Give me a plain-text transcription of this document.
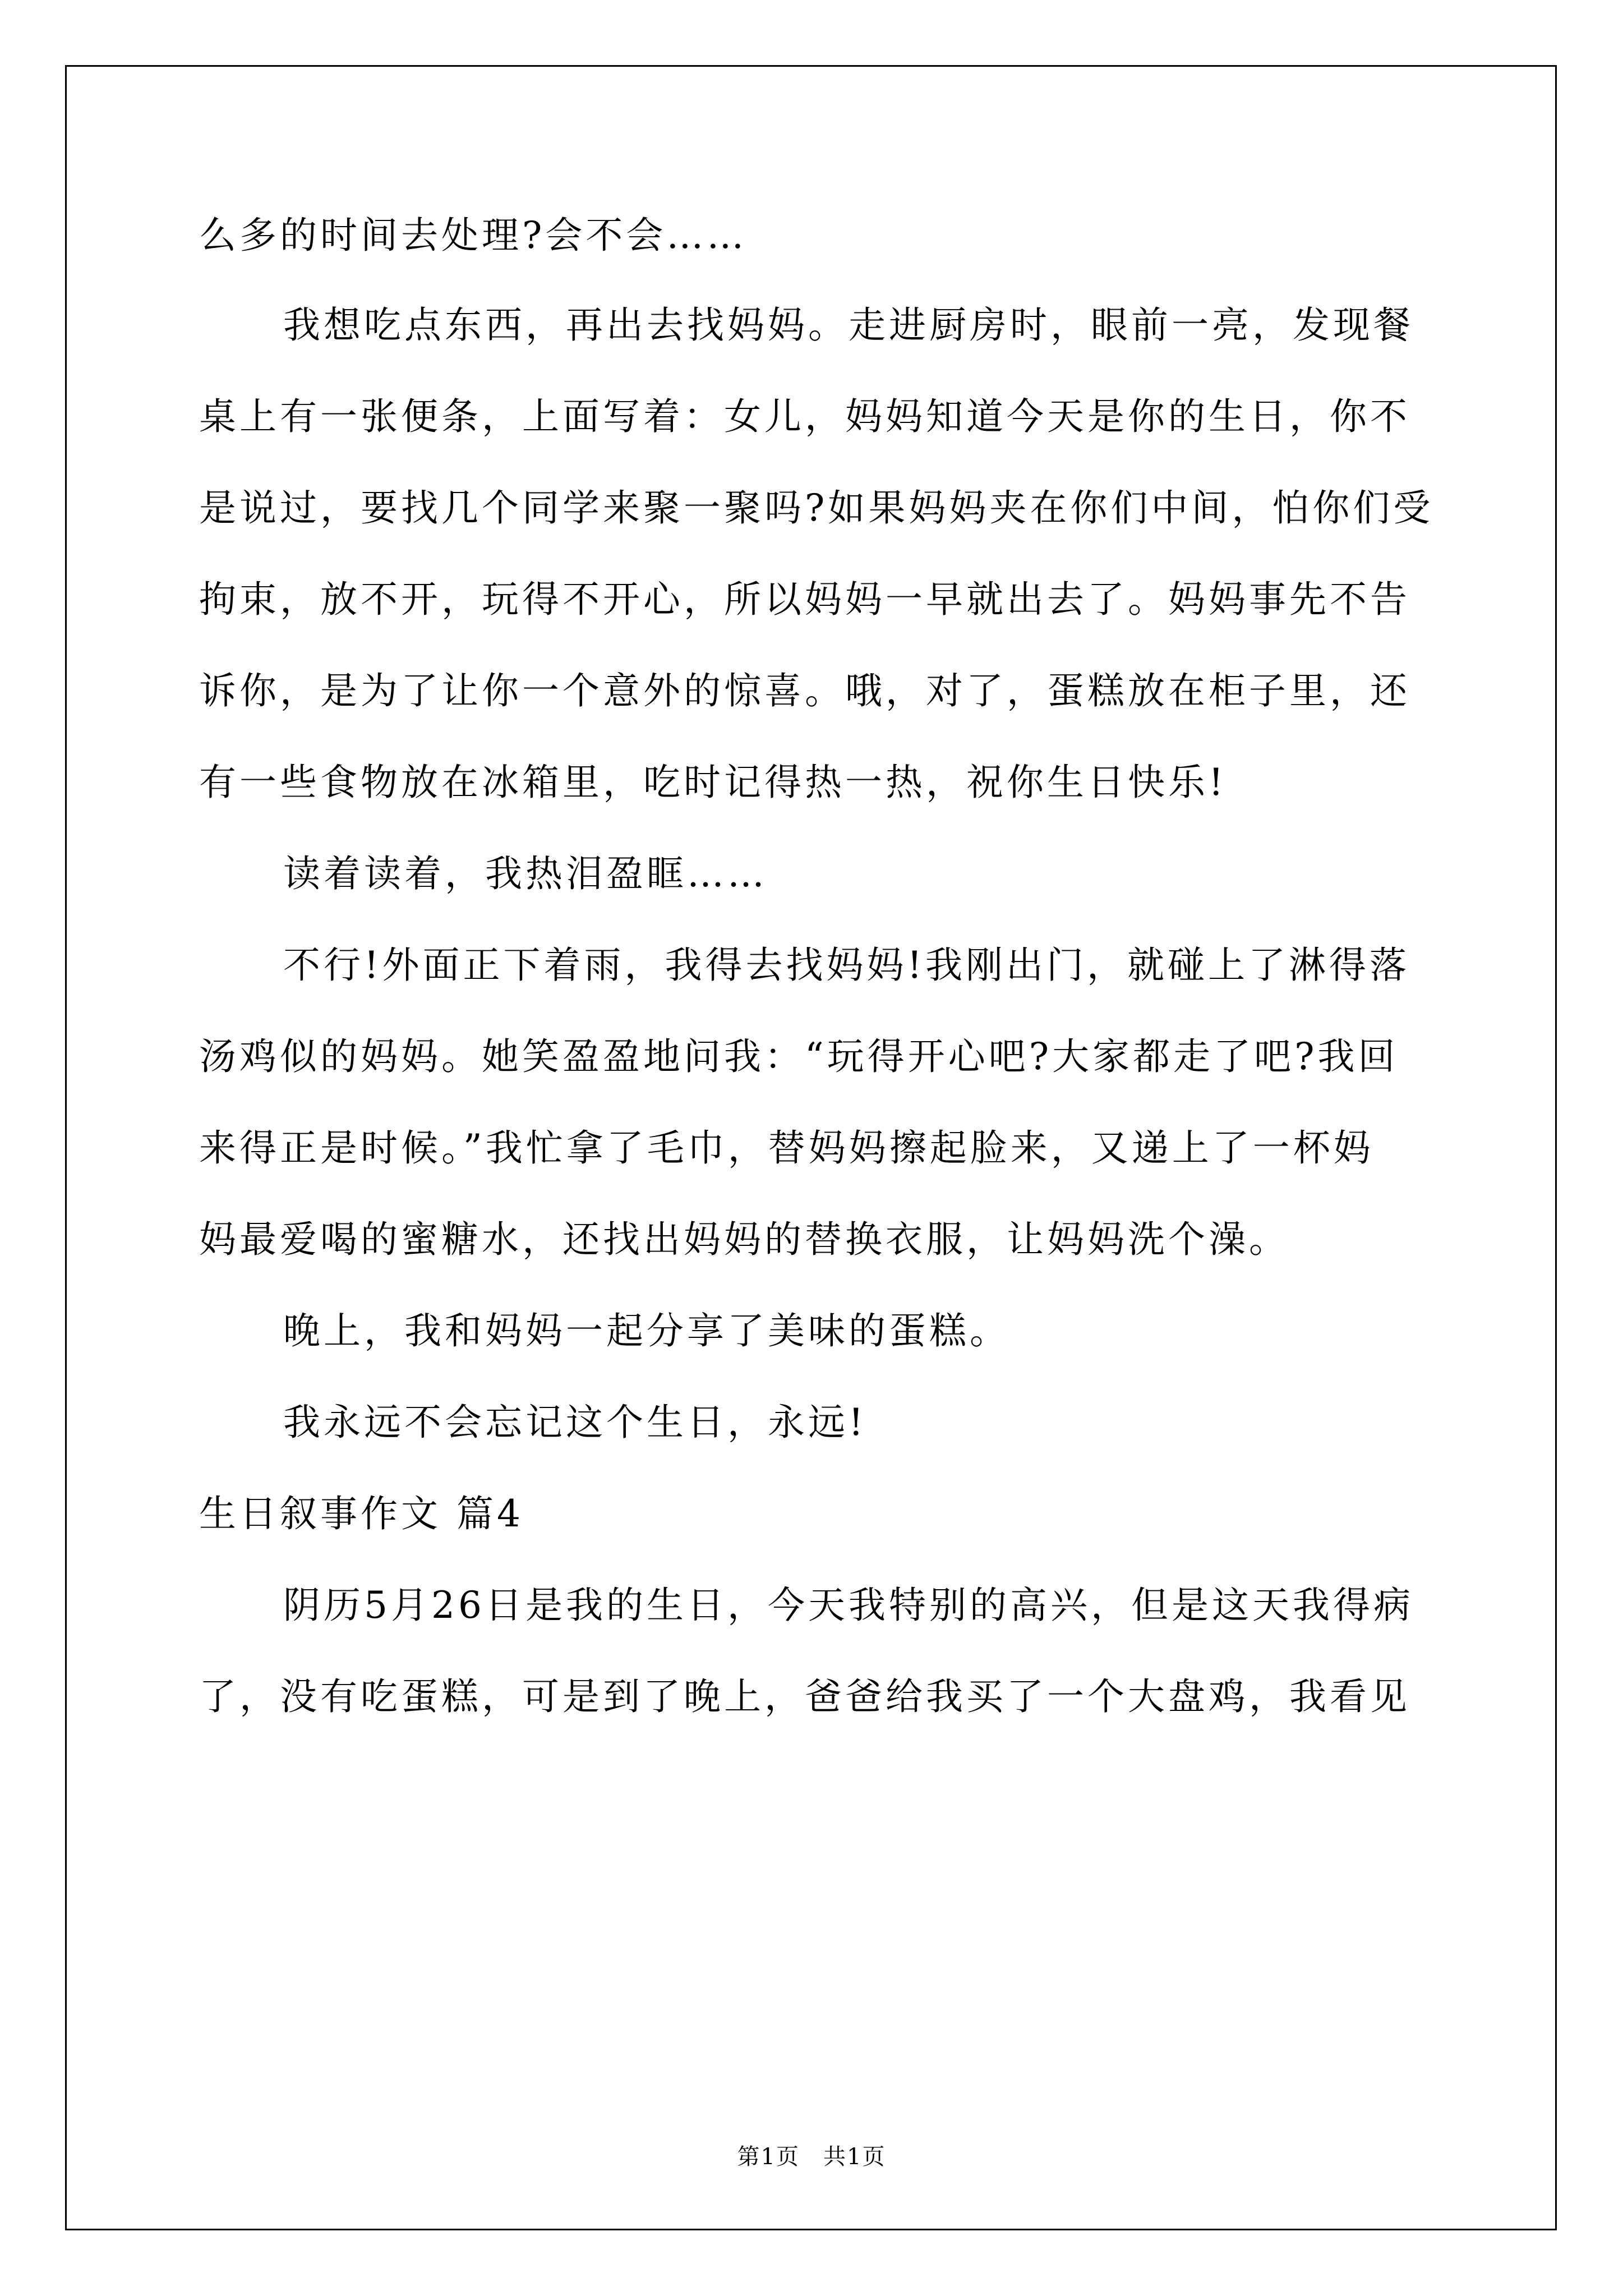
么多的时间去处理?会不会……
我想吃点东西，再出去找妈妈。走进厨房时，眼前一亮，发现餐
桌上有一张便条，上面写着：女儿，妈妈知道今天是你的生日，你不
是说过，要找几个同学来聚一聚吗?如果妈妈夹在你们中间，怕你们受
拘束，放不开，玩得不开心，所以妈妈一早就出去了。妈妈事先不告
诉你，是为了让你一个意外的惊喜。哦，对了，蛋糕放在柜子里，还
有一些食物放在冰箱里，吃时记得热一热，祝你生日快乐!
读着读着，我热泪盈眶……
不行!外面正下着雨，我得去找妈妈!我刚出门，就碰上了淋得落
汤鸡似的妈妈。她笑盈盈地问我：“玩得开心吧?大家都走了吧?我回
来得正是时候。”我忙拿了毛巾，替妈妈擦起脸来，又递上了一杯妈
妈最爱喝的蜜糖水，还找出妈妈的替换衣服，让妈妈洗个澡。
晚上，我和妈妈一起分享了美味的蛋糕。
我永远不会忘记这个生日，永远!
生日叙事作文 篇4
阴历5月26日是我的生日，今天我特别的高兴，但是这天我得病
了，没有吃蛋糕，可是到了晚上，爸爸给我买了一个大盘鸡，我看见
第1页　共1页
